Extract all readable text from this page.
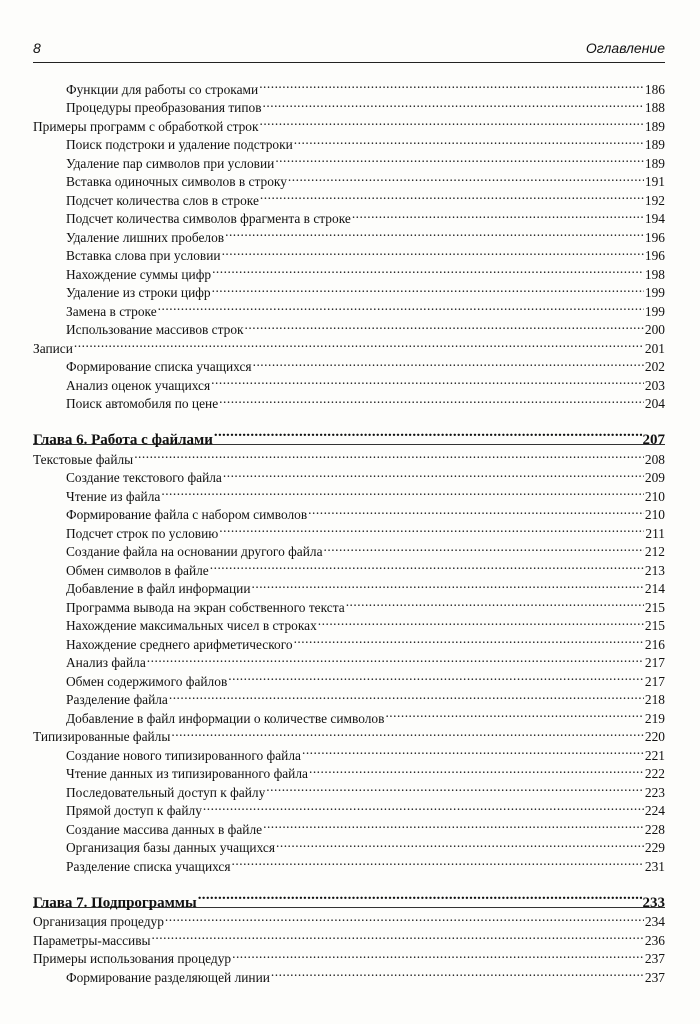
8	Оглавление
Функции для работы со строками .....	186
Процедуры преобразования типов .....	188
Примеры программ с обработкой строк .....	189
Поиск подстроки и удаление подстроки .....	189
Удаление пар символов при условии .....	189
Вставка одиночных символов в строку .....	191
Подсчет количества слов в строке .....	192
Подсчет количества символов фрагмента в строке .....	194
Удаление лишних пробелов .....	196
Вставка слова при условии .....	196
Нахождение суммы цифр .....	198
Удаление из строки цифр .....	199
Замена в строке .....	199
Использование массивов строк .....	200
Записи .....	201
Формирование списка учащихся .....	202
Анализ оценок учащихся .....	203
Поиск автомобиля по цене .....	204
Глава 6. Работа с файлами .....	207
Текстовые файлы .....	208
Создание текстового файла .....	209
Чтение из файла .....	210
Формирование файла с набором символов .....	210
Подсчет строк по условию .....	211
Создание файла на основании другого файла .....	212
Обмен символов в файле .....	213
Добавление в файл информации .....	214
Программа вывода на экран собственного текста .....	215
Нахождение максимальных чисел в строках .....	215
Нахождение среднего арифметического .....	216
Анализ файла .....	217
Обмен содержимого файлов .....	217
Разделение файла .....	218
Добавление в файл информации о количестве символов .....	219
Типизированные файлы .....	220
Создание нового типизированного файла .....	221
Чтение данных из типизированного файла .....	222
Последовательный доступ к файлу .....	223
Прямой доступ к файлу .....	224
Создание массива данных в файле .....	228
Организация базы данных учащихся .....	229
Разделение списка учащихся .....	231
Глава 7. Подпрограммы .....	233
Организация процедур .....	234
Параметры-массивы .....	236
Примеры использования процедур .....	237
Формирование разделяющей линии .....	237
